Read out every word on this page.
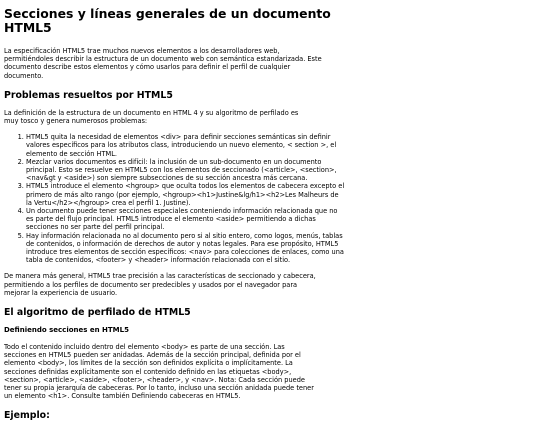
Secciones y líneas generales de un documento HTML5

La especificación HTML5 trae muchos nuevos elementos a los desarrolladores web, permitiéndoles describir la estructura de un documento web con semántica estandarizada. Este documento describe estos elementos y cómo usarlos para definir el perfil de cualquier documento.

Problemas resueltos por HTML5

La definición de la estructura de un documento en HTML 4 y su algoritmo de perfilado es muy tosco y genera numerosos problemas:

1. HTML5 quita la necesidad de elementos <div> para definir secciones semánticas sin definir valores específicos para los atributos class, introduciendo un nuevo elemento, < section >, el elemento de sección HTML.
2. Mezclar varios documentos es difícil: la inclusión de un sub-documento en un documento principal. Esto se resuelve en HTML5 con los elementos de seccionado (<article>, <section>, <nav&gt y <aside>) son siempre subsecciones de su sección ancestra más cercana.
3. HTML5 introduce el elemento <hgroup> que oculta todos los elementos de cabecera excepto el primero de más alto rango (por ejemplo, <hgroup><h1>Justine&lg/h1><h2>Les Malheurs de la Vertu</h2></hgroup> crea el perfil 1. Justine).
4. Un documento puede tener secciones especiales conteniendo información relacionada que no es parte del flujo principal. HTML5 introduce el elemento <aside> permitiendo a dichas secciones no ser parte del perfil principal.
5. Hay información relacionada no al documento pero si al sitio entero, como logos, menús, tablas de contenidos, o información de derechos de autor y notas legales. Para ese propósito, HTML5 introduce tres elementos de sección específicos: <nav> para colecciones de enlaces, como una tabla de contenidos, <footer> y <header> información relacionada con el sitio.

De manera más general, HTML5 trae precisión a las características de seccionado y cabecera, permitiendo a los perfiles de documento ser predecibles y usados por el navegador para mejorar la experiencia de usuario.

El algoritmo de perfilado de HTML5
Definiendo secciones en HTML5

Todo el contenido incluido dentro del elemento <body> es parte de una sección. Las secciones en HTML5 pueden ser anidadas. Además de la sección principal, definida por el elemento <body>, los límites de la sección son definidos explícita o implícitamente. La secciones definidas explícitamente son el contenido definido en las etiquetas <body>, <section>, <article>, <aside>, <footer>, <header>, y <nav>. Nota: Cada sección puede tener su propia jerarquía de cabeceras. Por lo tanto, incluso una sección anidada puede tener un elemento <h1>. Consulte también Definiendo cabeceras en HTML5.

Ejemplo:
